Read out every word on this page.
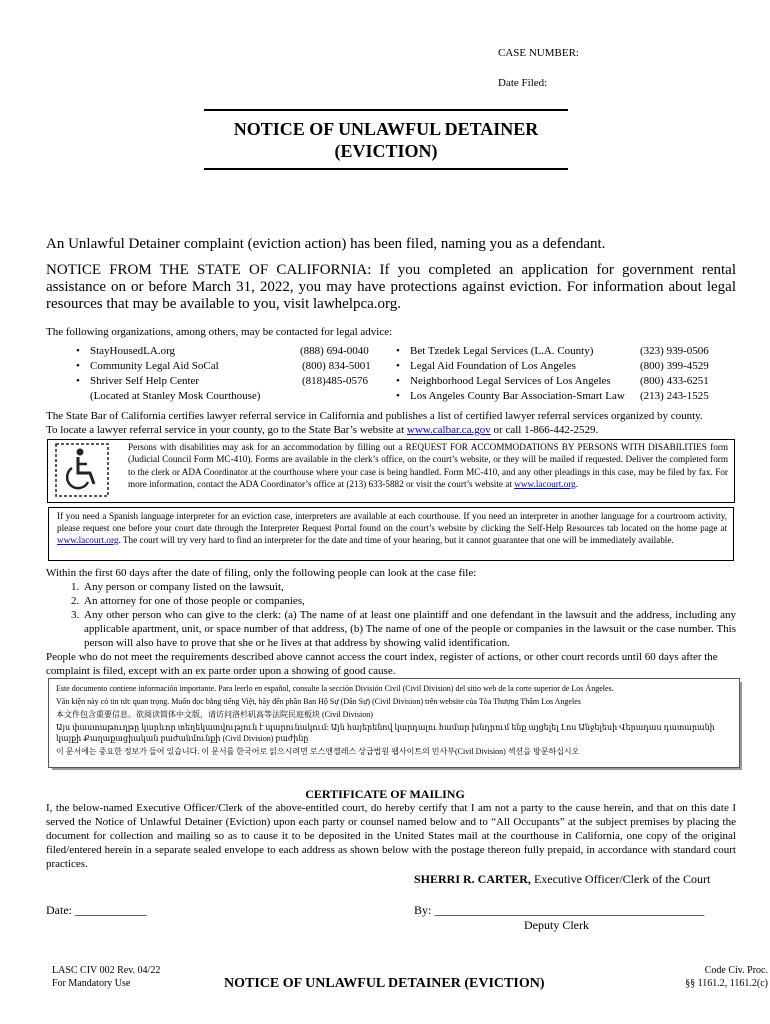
CASE NUMBER:
Date Filed:
NOTICE OF UNLAWFUL DETAINER
(EVICTION)
An Unlawful Detainer complaint (eviction action) has been filed, naming you as a defendant.
NOTICE FROM THE STATE OF CALIFORNIA: If you completed an application for government rental assistance on or before March 31, 2022, you may have protections against eviction. For information about legal resources that may be available to you, visit lawhelpca.org.
The following organizations, among others, may be contacted for legal advice:
• StayHousedLA.org	(888) 694-0040
• Community Legal Aid SoCal	(800) 834-5001
• Shriver Self Help Center	(818)485-0576
(Located at Stanley Mosk Courthouse)
• Bet Tzedek Legal Services (L.A. County)	(323) 939-0506
• Legal Aid Foundation of Los Angeles	(800) 399-4529
• Neighborhood Legal Services of Los Angeles	(800) 433-6251
• Los Angeles County Bar Association-Smart Law (213) 243-1525
The State Bar of California certifies lawyer referral service in California and publishes a list of certified lawyer referral services organized by county.
To locate a lawyer referral service in your county, go to the State Bar’s website at www.calbar.ca.gov or call 1-866-442-2529.
Persons with disabilities may ask for an accommodation by filling out a REQUEST FOR ACCOMMODATIONS BY PERSONS WITH DISABILITIES form (Judicial Council Form MC-410). Forms are available in the clerk’s office, on the court’s website, or they will be mailed if requested. Deliver the completed form to the clerk or ADA Coordinator at the courthouse where your case is being handled. Form MC-410, and any other pleadings in this case, may be filed by fax. For more information, contact the ADA Coordinator’s office at (213) 633-5882 or visit the court’s website at www.lacourt.org.
If you need a Spanish language interpreter for an eviction case, interpreters are available at each courthouse. If you need an interpreter in another language for a courtroom activity, please request one before your court date through the Interpreter Request Portal found on the court’s website by clicking the Self-Help Resources tab located on the home page at www.lacourt.org. The court will try very hard to find an interpreter for the date and time of your hearing, but it cannot guarantee that one will be immediately available.
Within the first 60 days after the date of filing, only the following people can look at the case file:
1. Any person or company listed on the lawsuit,
2. An attorney for one of those people or companies,
3. Any other person who can give to the clerk: (a) The name of at least one plaintiff and one defendant in the lawsuit and the address, including any applicable apartment, unit, or space number of that address, (b) The name of one of the people or companies in the lawsuit or the case number. This person will also have to prove that she or he lives at that address by showing valid identification.
People who do not meet the requirements described above cannot access the court index, register of actions, or other court records until 60 days after the complaint is filed, except with an ex parte order upon a showing of good cause.
Este documento contiene información importante. Para leerlo en español, consulte la sección División Civil (Civil Division) del sitio web de la corte superior de Los Ángeles.
Văn kiện này có tin tức quan trọng. Muốn đọc bằng tiếng Việt, hãy đến phần Ban Hộ Sự (Dân Sự) (Civil Division) trên website của Tòa Thượng Thẩm Los Angeles
本文件包含重要信息。欲阅读简体中文版，请访问洛杉矶高等法院民庭板块 (Civil Division)
Այս փաստաթուղթը կարևոր տեղեկատվություն է պարունակում: Այն հայերենով կարդալու համար խնդրում ենք այցելել Լոս Անջելեսի Վերադաս դատարանի կայքի Քաղաքացիական բաժանմունքի (Civil Division) բաժինը
이 문서에는 중요한 정보가 들어 있습니다. 이 문서를 한국어로 읽으시려면 로스앤젤레스 상급법원 웹사이트의 민사부(Civil Division) 섹션을 방문하십시오
CERTIFICATE OF MAILING
I, the below-named Executive Officer/Clerk of the above-entitled court, do hereby certify that I am not a party to the cause herein, and that on this date I served the Notice of Unlawful Detainer (Eviction) upon each party or counsel named below and to “All Occupants” at the subject premises by placing the document for collection and mailing so as to cause it to be deposited in the United States mail at the courthouse in California, one copy of the original filed/entered herein in a separate sealed envelope to each address as shown below with the postage thereon fully prepaid, in accordance with standard court practices.
SHERRI R. CARTER, Executive Officer/Clerk of the Court
Date: ____________	By: _____________________________________________
Deputy Clerk
LASC CIV 002 Rev. 04/22
For Mandatory Use	NOTICE OF UNLAWFUL DETAINER (EVICTION)
Code Civ. Proc.
§§ 1161.2, 1161.2(c)
